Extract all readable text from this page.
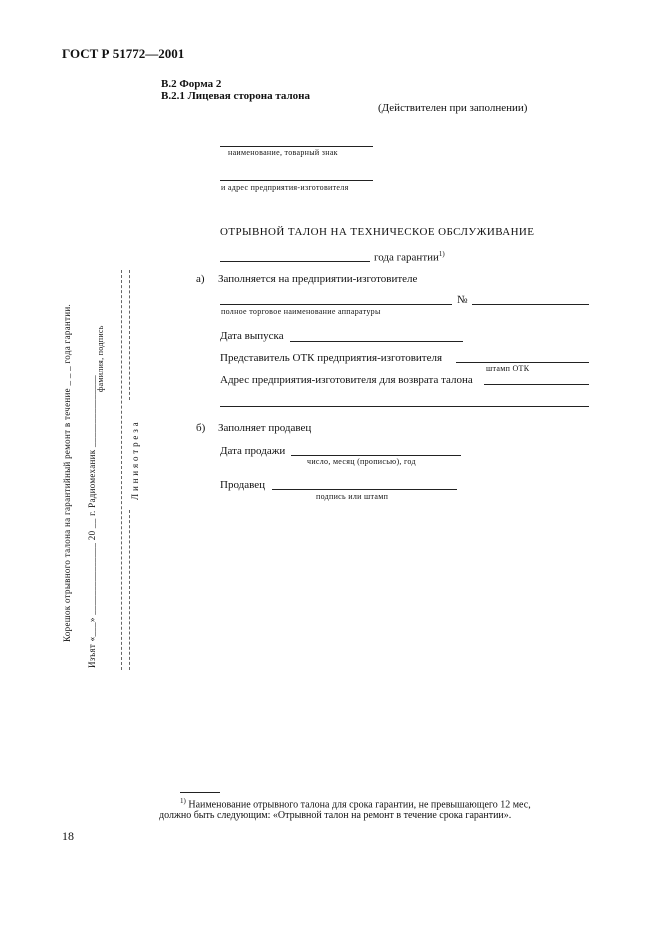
ГОСТ Р 51772—2001
В.2 Форма 2
В.2.1 Лицевая сторона талона
(Действителен при заполнении)
наименование, товарный знак
и адрес предприятия-изготовителя
ОТРЫВНОЙ ТАЛОН НА ТЕХНИЧЕСКОЕ ОБСЛУЖИВАНИЕ
года гарантии$^{1)}$
а) Заполняется на предприятии-изготовителе
№
полное торговое наименование аппаратуры
Дата выпуска
Представитель ОТК предприятия-изготовителя
штамп ОТК
Адрес предприятия-изготовителя для возврата талона
б) Заполняет продавец
Дата продажи
число, месяц (прописью), год
Продавец
подпись или штамп
Корешок отрывного талона на гарантийный ремонт в течение _ _ _ года гарантии. Изъят «___» _______________ 20 __ г. Радиомеханик _______________
фамилия, подпись
Л и н и я о т р е з а
$^{1)}$ Наименование отрывного талона для срока гарантии, не превышающего 12 мес,
должно быть следующим: «Отрывной талон на ремонт в течение срока гарантии».
18
